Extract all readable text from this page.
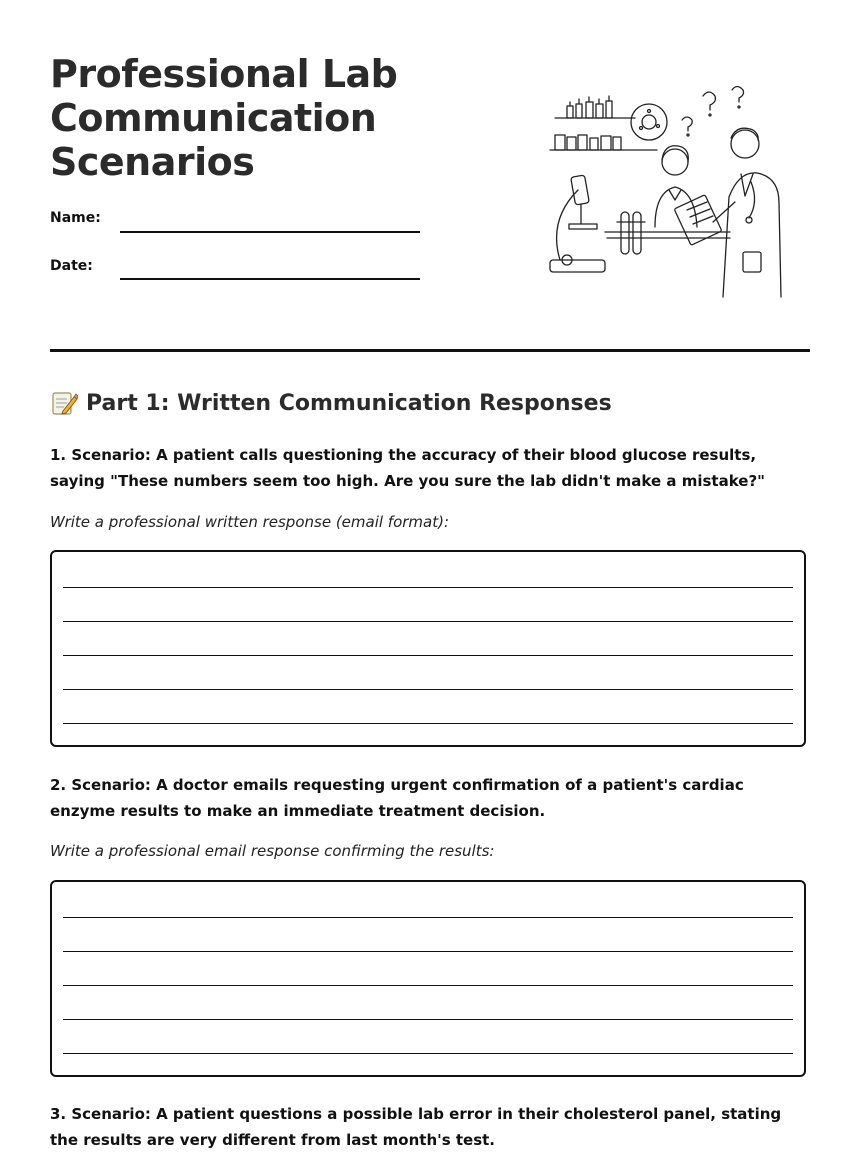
Professional Lab
Communication
Scenarios
Name:
Date:
Part 1: Written Communication Responses
1. Scenario: A patient calls questioning the accuracy of their blood glucose results, saying "These numbers seem too high. Are you sure the lab didn't make a mistake?"
Write a professional written response (email format):
2. Scenario: A doctor emails requesting urgent confirmation of a patient's cardiac enzyme results to make an immediate treatment decision.
Write a professional email response confirming the results:
3. Scenario: A patient questions a possible lab error in their cholesterol panel, stating the results are very different from last month's test.
